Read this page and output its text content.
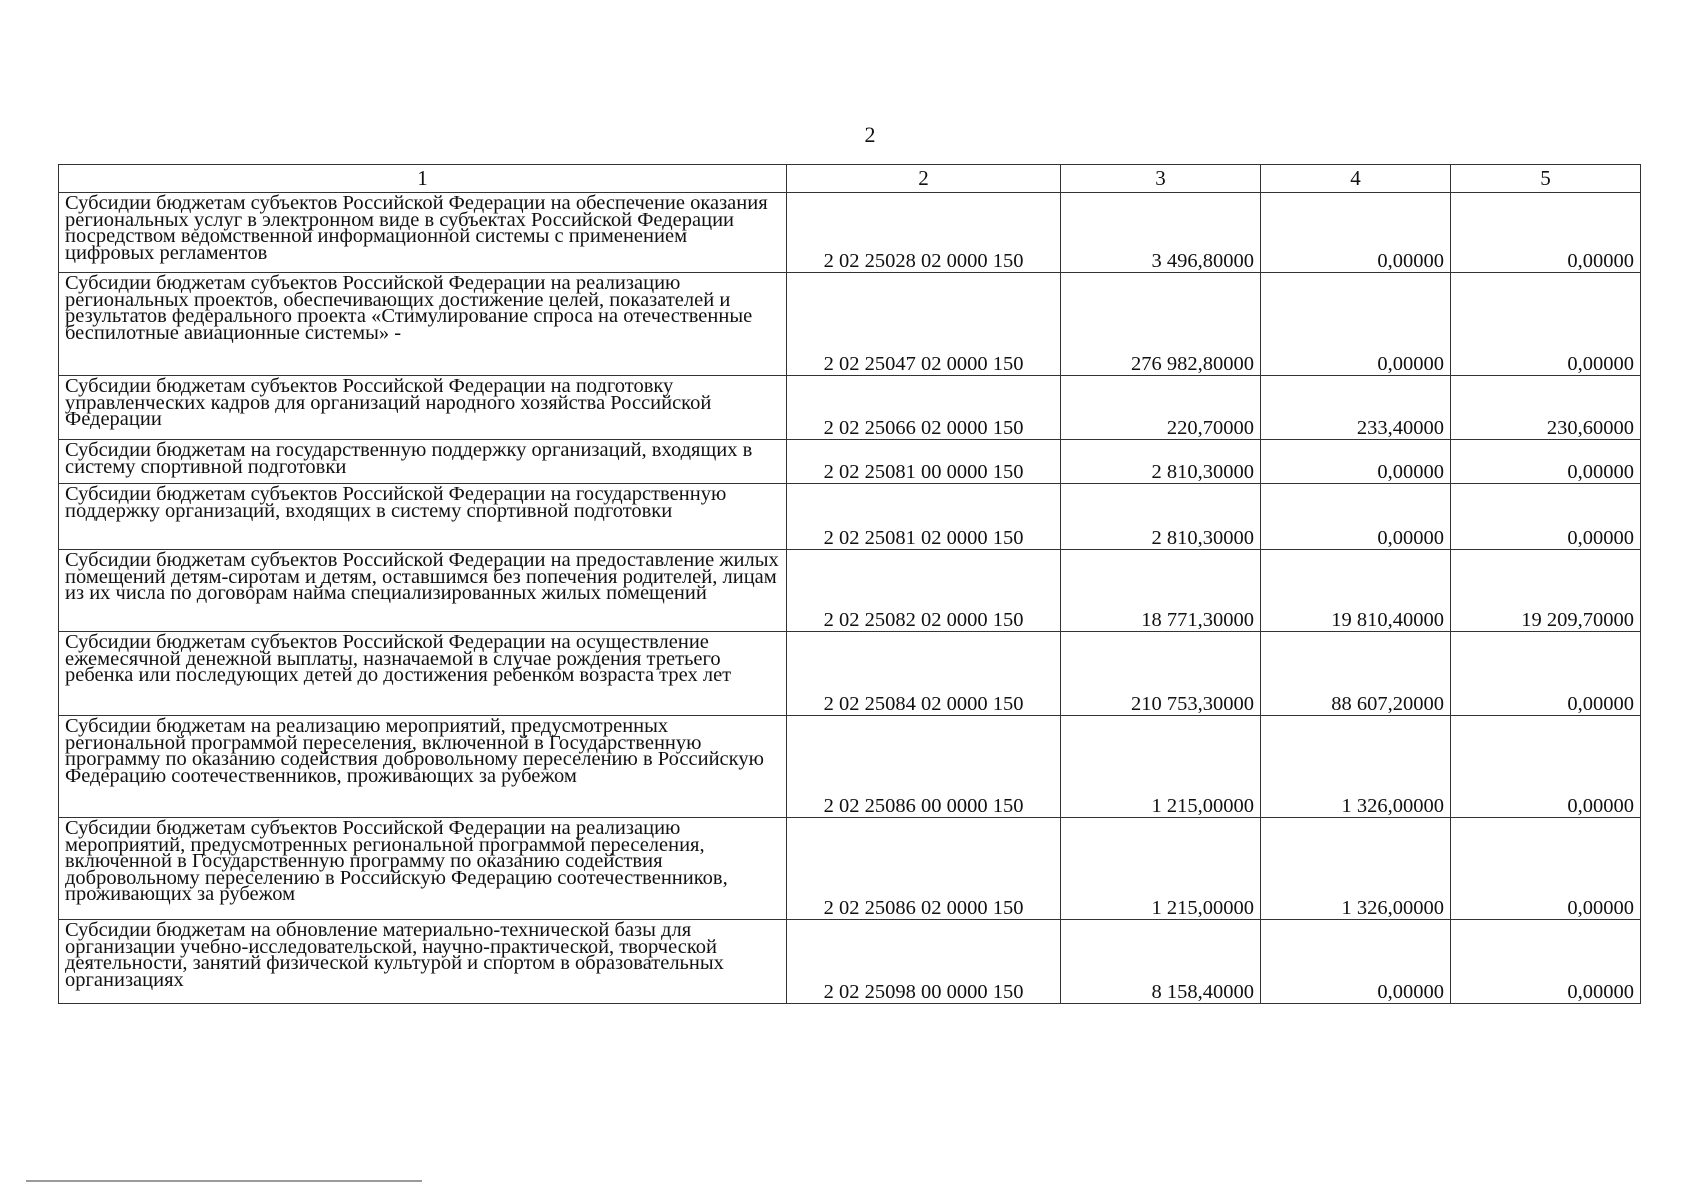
2
1	2	3	4	5
Субсидии бюджетам субъектов Российской Федерации на обеспечение оказания региональных услуг в электронном виде в субъектах Российской Федерации посредством ведомственной информационной системы с применением цифровых регламентов	2 02 25028 02 0000 150	3 496,80000	0,00000	0,00000
Субсидии бюджетам субъектов Российской Федерации на реализацию региональных проектов, обеспечивающих достижение целей, показателей и результатов федерального проекта «Стимулирование спроса на отечественные беспилотные авиационные системы» -	2 02 25047 02 0000 150	276 982,80000	0,00000	0,00000
Субсидии бюджетам субъектов Российской Федерации на подготовку управленческих кадров для организаций народного хозяйства Российской Федерации	2 02 25066 02 0000 150	220,70000	233,40000	230,60000
Субсидии бюджетам на государственную поддержку организаций, входящих в систему спортивной подготовки	2 02 25081 00 0000 150	2 810,30000	0,00000	0,00000
Субсидии бюджетам субъектов Российской Федерации на государственную поддержку организаций, входящих в систему спортивной подготовки	2 02 25081 02 0000 150	2 810,30000	0,00000	0,00000
Субсидии бюджетам субъектов Российской Федерации на предоставление жилых помещений детям-сиротам и детям, оставшимся без попечения родителей, лицам из их числа по договорам найма специализированных жилых помещений	2 02 25082 02 0000 150	18 771,30000	19 810,40000	19 209,70000
Субсидии бюджетам субъектов Российской Федерации на осуществление ежемесячной денежной выплаты, назначаемой в случае рождения третьего ребенка или последующих детей до достижения ребенком возраста трех лет	2 02 25084 02 0000 150	210 753,30000	88 607,20000	0,00000
Субсидии бюджетам на реализацию мероприятий, предусмотренных региональной программой переселения, включенной в Государственную программу по оказанию содействия добровольному переселению в Российскую Федерацию соотечественников, проживающих за рубежом	2 02 25086 00 0000 150	1 215,00000	1 326,00000	0,00000
Субсидии бюджетам субъектов Российской Федерации на реализацию мероприятий, предусмотренных региональной программой переселения, включенной в Государственную программу по оказанию содействия добровольному переселению в Российскую Федерацию соотечественников, проживающих за рубежом	2 02 25086 02 0000 150	1 215,00000	1 326,00000	0,00000
Субсидии бюджетам на обновление материально-технической базы для организации учебно-исследовательской, научно-практической, творческой деятельности, занятий физической культурой и спортом в образовательных организациях	2 02 25098 00 0000 150	8 158,40000	0,00000	0,00000
